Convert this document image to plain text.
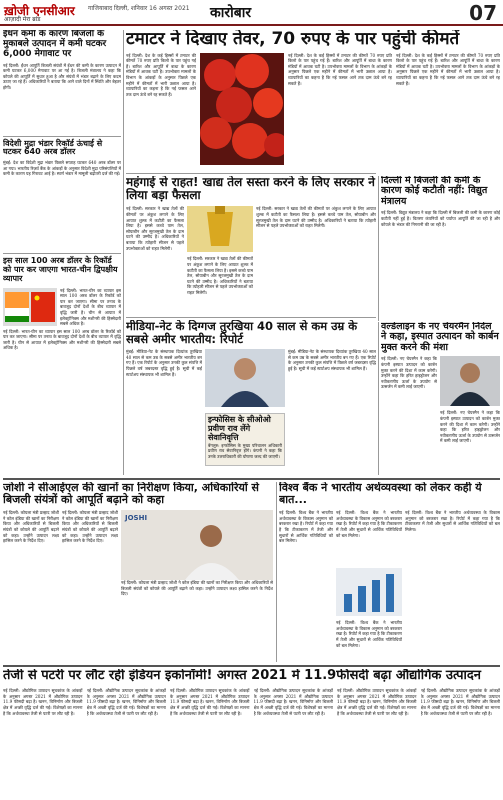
ख़ोजी एनसीआर
आज़ादी मेरा ब्रांड
गाजियाबाद दिल्ली, शनिवार 16 अगस्त 2021 कारोबार	07
ईंधन कमी के कारण बिजली के मुकाबले उत्पादन में कमी घटकर 6,000 मेगावाट पर
नई दिल्ली: ईंधन आपूर्ति बिजली संयंत्रों में ईंधन की कमी के कारण उत्पादन में कमी घटकर 6,000 मेगावाट पर आ गई है। बिजली मंत्रालय ने कहा कि कोयले की आपूर्ति में सुधार हुआ है और संयंत्रों में भंडार बढ़ाने के लिए कदम उठाए जा रहे हैं। अधिकारियों ने बताया कि आने वाले दिनों में स्थिति और बेहतर होगी।
विदेशी मुद्रा भंडार रिकॉर्ड ऊंचाई से घटकर 640 अरब डॉलर
मुंबई: देश का विदेशी मुद्रा भंडार पिछले सप्ताह घटकर 640 अरब डॉलर पर आ गया। भारतीय रिज़र्व बैंक के आंकड़ों के अनुसार विदेशी मुद्रा परिसंपत्तियों में कमी के कारण यह गिरावट आई है। स्वर्ण भंडार में मामूली बढ़ोतरी दर्ज की गई।
इस साल 100 अरब डॉलर के रिकॉर्ड को पार कर जाएगा भारत-चीन द्विपक्षीय व्यापार
नई दिल्ली: भारत-चीन का व्यापार इस साल 100 अरब डॉलर के रिकॉर्ड को पार कर जाएगा। सीमा पर तनाव के बावजूद दोनों देशों के बीच व्यापार में वृद्धि जारी है। चीन से आयात में इलेक्ट्रॉनिक्स और मशीनरी की हिस्सेदारी सबसे अधिक है।
नई दिल्ली: भारत-चीन का व्यापार इस साल 100 अरब डॉलर के रिकॉर्ड को पार कर जाएगा। सीमा पर तनाव के बावजूद दोनों देशों के बीच व्यापार में वृद्धि जारी है। चीन से आयात में इलेक्ट्रॉनिक्स और मशीनरी की हिस्सेदारी सबसे अधिक है।
टमाटर ने दिखाए तेवर, 70 रुपए के पार पहुंची कीमतें
नई दिल्ली: देश के कई हिस्सों में टमाटर की कीमतें 70 रुपए प्रति किलो के पार पहुंच गई हैं। बारिश और आपूर्ति में बाधा के कारण मंडियों में आवक घटी है। उपभोक्ता मामलों के विभाग के आंकड़ों के अनुसार पिछले एक महीने में कीमतों में भारी उछाल आया है। व्यापारियों का कहना है कि नई फसल आने तक दाम ऊंचे बने रह सकते हैं।
नई दिल्ली: देश के कई हिस्सों में टमाटर की कीमतें 70 रुपए प्रति किलो के पार पहुंच गई हैं। बारिश और आपूर्ति में बाधा के कारण मंडियों में आवक घटी है। उपभोक्ता मामलों के विभाग के आंकड़ों के अनुसार पिछले एक महीने में कीमतों में भारी उछाल आया है। व्यापारियों का कहना है कि नई फसल आने तक दाम ऊंचे बने रह सकते हैं।
नई दिल्ली: देश के कई हिस्सों में टमाटर की कीमतें 70 रुपए प्रति किलो के पार पहुंच गई हैं। बारिश और आपूर्ति में बाधा के कारण मंडियों में आवक घटी है। उपभोक्ता मामलों के विभाग के आंकड़ों के अनुसार पिछले एक महीने में कीमतों में भारी उछाल आया है। व्यापारियों का कहना है कि नई फसल आने तक दाम ऊंचे बने रह सकते हैं।
महंगाई से राहत! खाद्य तेल सस्ता करने के लिए सरकार ने लिया बड़ा फैसला
नई दिल्ली: सरकार ने खाद्य तेलों की कीमतों पर अंकुश लगाने के लिए आयात शुल्क में कटौती का फैसला लिया है। इससे कच्चे पाम तेल, सोयाबीन और सूरजमुखी तेल के दाम घटने की उम्मीद है। अधिकारियों ने बताया कि त्योहारी सीजन से पहले उपभोक्ताओं को राहत मिलेगी।
नई दिल्ली: सरकार ने खाद्य तेलों की कीमतों पर अंकुश लगाने के लिए आयात शुल्क में कटौती का फैसला लिया है। इससे कच्चे पाम तेल, सोयाबीन और सूरजमुखी तेल के दाम घटने की उम्मीद है। अधिकारियों ने बताया कि त्योहारी सीजन से पहले उपभोक्ताओं को राहत मिलेगी।
नई दिल्ली: सरकार ने खाद्य तेलों की कीमतों पर अंकुश लगाने के लिए आयात शुल्क में कटौती का फैसला लिया है। इससे कच्चे पाम तेल, सोयाबीन और सूरजमुखी तेल के दाम घटने की उम्मीद है। अधिकारियों ने बताया कि त्योहारी सीजन से पहले उपभोक्ताओं को राहत मिलेगी।
दिल्ली में बिजली की कमी के कारण कोई कटौती नहीं: विद्युत मंत्रालय
नई दिल्ली: विद्युत मंत्रालय ने कहा कि दिल्ली में बिजली की कमी के कारण कोई कटौती नहीं हुई है। वितरण कंपनियों को पर्याप्त आपूर्ति की जा रही है और कोयले के भंडार की निगरानी की जा रही है।
मीडिया-नेट के दिग्गज तुरखिया 40 साल से कम उम्र के सबसे अमीर भारतीय: रिपोर्ट
मुंबई: मीडिया-नेट के संस्थापक दिव्यांक तुरखिया 40 साल से कम उम्र के सबसे अमीर भारतीय बन गए हैं। एक रिपोर्ट के अनुसार उनकी कुल संपत्ति में पिछले वर्ष जबरदस्त वृद्धि हुई है। सूची में कई स्टार्टअप संस्थापक भी शामिल हैं।
इन्फोसिस के सीओओ प्रवीण राव लेंगे सेवानिवृत्ति
बेंगलुरु: इन्फोसिस के मुख्य परिचालन अधिकारी प्रवीण राव सेवानिवृत्त होंगे। कंपनी ने कहा कि उनके उत्तराधिकारी की घोषणा जल्द की जाएगी।
मुंबई: मीडिया-नेट के संस्थापक दिव्यांक तुरखिया 40 साल से कम उम्र के सबसे अमीर भारतीय बन गए हैं। एक रिपोर्ट के अनुसार उनकी कुल संपत्ति में पिछले वर्ष जबरदस्त वृद्धि हुई है। सूची में कई स्टार्टअप संस्थापक भी शामिल हैं।
वर्ल्डलाइन के नए चेयरमैन निदेल ने कहा, इस्पात उत्पादन को कार्बन मुक्त करने की मंशा
नई दिल्ली: नए चेयरमैन ने कहा कि कंपनी इस्पात उत्पादन को कार्बन मुक्त करने की दिशा में काम करेगी। उन्होंने कहा कि हरित हाइड्रोजन और नवीकरणीय ऊर्जा के उपयोग से उत्सर्जन में कमी लाई जाएगी।
नई दिल्ली: नए चेयरमैन ने कहा कि कंपनी इस्पात उत्पादन को कार्बन मुक्त करने की दिशा में काम करेगी। उन्होंने कहा कि हरित हाइड्रोजन और नवीकरणीय ऊर्जा के उपयोग से उत्सर्जन में कमी लाई जाएगी।
जोशी ने सीआईएल की खानों का निरीक्षण किया, अधिकारियों से बिजली संयंत्रों को आपूर्ति बढ़ाने को कहा
नई दिल्ली: कोयला मंत्री प्रल्हाद जोशी ने कोल इंडिया की खानों का निरीक्षण किया और अधिकारियों से बिजली संयंत्रों को कोयले की आपूर्ति बढ़ाने को कहा। उन्होंने उत्पादन लक्ष्य हासिल करने के निर्देश दिए।
नई दिल्ली: कोयला मंत्री प्रल्हाद जोशी ने कोल इंडिया की खानों का निरीक्षण किया और अधिकारियों से बिजली संयंत्रों को कोयले की आपूर्ति बढ़ाने को कहा। उन्होंने उत्पादन लक्ष्य हासिल करने के निर्देश दिए।
JOSHI
नई दिल्ली: कोयला मंत्री प्रल्हाद जोशी ने कोल इंडिया की खानों का निरीक्षण किया और अधिकारियों से बिजली संयंत्रों को कोयले की आपूर्ति बढ़ाने को कहा। उन्होंने उत्पादन लक्ष्य हासिल करने के निर्देश दिए।
विश्व बैंक ने भारतीय अर्थव्यवस्था को लेकर कही ये बात...
नई दिल्ली: विश्व बैंक ने भारतीय अर्थव्यवस्था के विकास अनुमान को बरकरार रखा है। रिपोर्ट में कहा गया है कि टीकाकरण में तेजी और सुधारों से आर्थिक गतिविधियों को बल मिलेगा।
नई दिल्ली: विश्व बैंक ने भारतीय अर्थव्यवस्था के विकास अनुमान को बरकरार रखा है। रिपोर्ट में कहा गया है कि टीकाकरण में तेजी और सुधारों से आर्थिक गतिविधियों को बल मिलेगा।
नई दिल्ली: विश्व बैंक ने भारतीय अर्थव्यवस्था के विकास अनुमान को बरकरार रखा है। रिपोर्ट में कहा गया है कि टीकाकरण में तेजी और सुधारों से आर्थिक गतिविधियों को बल मिलेगा।
नई दिल्ली: विश्व बैंक ने भारतीय अर्थव्यवस्था के विकास अनुमान को बरकरार रखा है। रिपोर्ट में कहा गया है कि टीकाकरण में तेजी और सुधारों से आर्थिक गतिविधियों को बल मिलेगा।
तेजी से पटरी पर लौट रही इंडियन इकोनॉमी! अगस्त 2021 में 11.9फीसदी बढ़ा औद्योगिक उत्पादन
नई दिल्ली: औद्योगिक उत्पादन सूचकांक के आंकड़ों के अनुसार अगस्त 2021 में औद्योगिक उत्पादन 11.9 फीसदी बढ़ा है। खनन, विनिर्माण और बिजली क्षेत्र में अच्छी वृद्धि दर्ज की गई। विशेषज्ञों का मानना है कि अर्थव्यवस्था तेजी से पटरी पर लौट रही है।
नई दिल्ली: औद्योगिक उत्पादन सूचकांक के आंकड़ों के अनुसार अगस्त 2021 में औद्योगिक उत्पादन 11.9 फीसदी बढ़ा है। खनन, विनिर्माण और बिजली क्षेत्र में अच्छी वृद्धि दर्ज की गई। विशेषज्ञों का मानना है कि अर्थव्यवस्था तेजी से पटरी पर लौट रही है।
नई दिल्ली: औद्योगिक उत्पादन सूचकांक के आंकड़ों के अनुसार अगस्त 2021 में औद्योगिक उत्पादन 11.9 फीसदी बढ़ा है। खनन, विनिर्माण और बिजली क्षेत्र में अच्छी वृद्धि दर्ज की गई। विशेषज्ञों का मानना है कि अर्थव्यवस्था तेजी से पटरी पर लौट रही है।
नई दिल्ली: औद्योगिक उत्पादन सूचकांक के आंकड़ों के अनुसार अगस्त 2021 में औद्योगिक उत्पादन 11.9 फीसदी बढ़ा है। खनन, विनिर्माण और बिजली क्षेत्र में अच्छी वृद्धि दर्ज की गई। विशेषज्ञों का मानना है कि अर्थव्यवस्था तेजी से पटरी पर लौट रही है।
नई दिल्ली: औद्योगिक उत्पादन सूचकांक के आंकड़ों के अनुसार अगस्त 2021 में औद्योगिक उत्पादन 11.9 फीसदी बढ़ा है। खनन, विनिर्माण और बिजली क्षेत्र में अच्छी वृद्धि दर्ज की गई। विशेषज्ञों का मानना है कि अर्थव्यवस्था तेजी से पटरी पर लौट रही है।
नई दिल्ली: औद्योगिक उत्पादन सूचकांक के आंकड़ों के अनुसार अगस्त 2021 में औद्योगिक उत्पादन 11.9 फीसदी बढ़ा है। खनन, विनिर्माण और बिजली क्षेत्र में अच्छी वृद्धि दर्ज की गई। विशेषज्ञों का मानना है कि अर्थव्यवस्था तेजी से पटरी पर लौट रही है।
